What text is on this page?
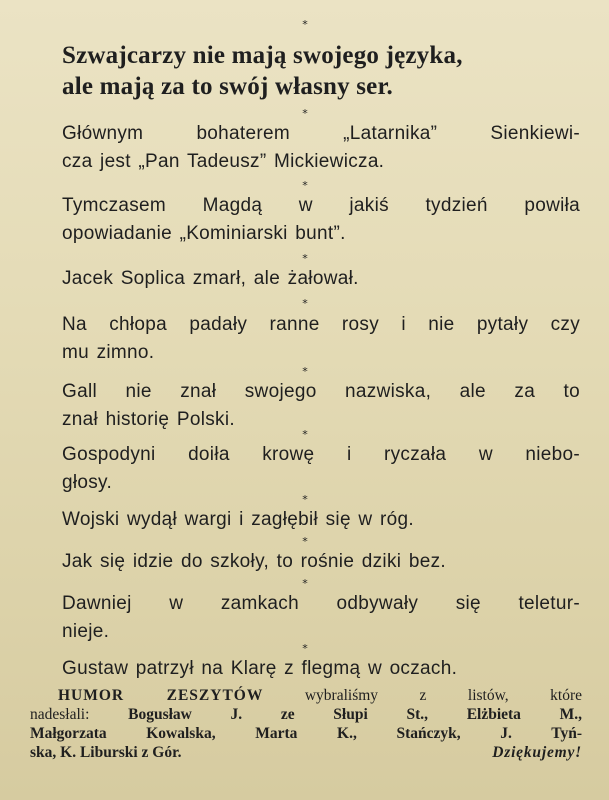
*
Szwajcarzy nie mają swojego języka,
ale mają za to swój własny ser.
*

Głównym bohaterem „Latarnika” Sienkiewi-
cza jest „Pan Tadeusz” Mickiewicza.

*

Tymczasem Magdą w jakiś tydzień powiła
opowiadanie „Kominiarski bunt”.

*

Jacek Soplica zmarł, ale żałował.

*

Na chłopa padały ranne rosy i nie pytały czy
mu zimno.

*

Gall nie znał swojego nazwiska, ale za to
znał historię Polski.

*

Gospodyni doiła krowę i ryczała w niebo-
głosy.

*

Wojski wydął wargi i zagłębił się w róg.

*

Jak się idzie do szkoły, to rośnie dziki bez.

*

Dawniej w zamkach odbywały się teletur-
nieje.

*

Gustaw patrzył na Klarę z flegmą w oczach.

HUMOR ZESZYTÓW	wybraliśmy z listów, które
nadesłali: Bogusław J. ze Słupi St., Elżbieta M.,
Małgorzata Kowalska, Marta K., Stańczyk, J. Tyń-
ska, K. Liburski z Gór.	Dziękujemy!
